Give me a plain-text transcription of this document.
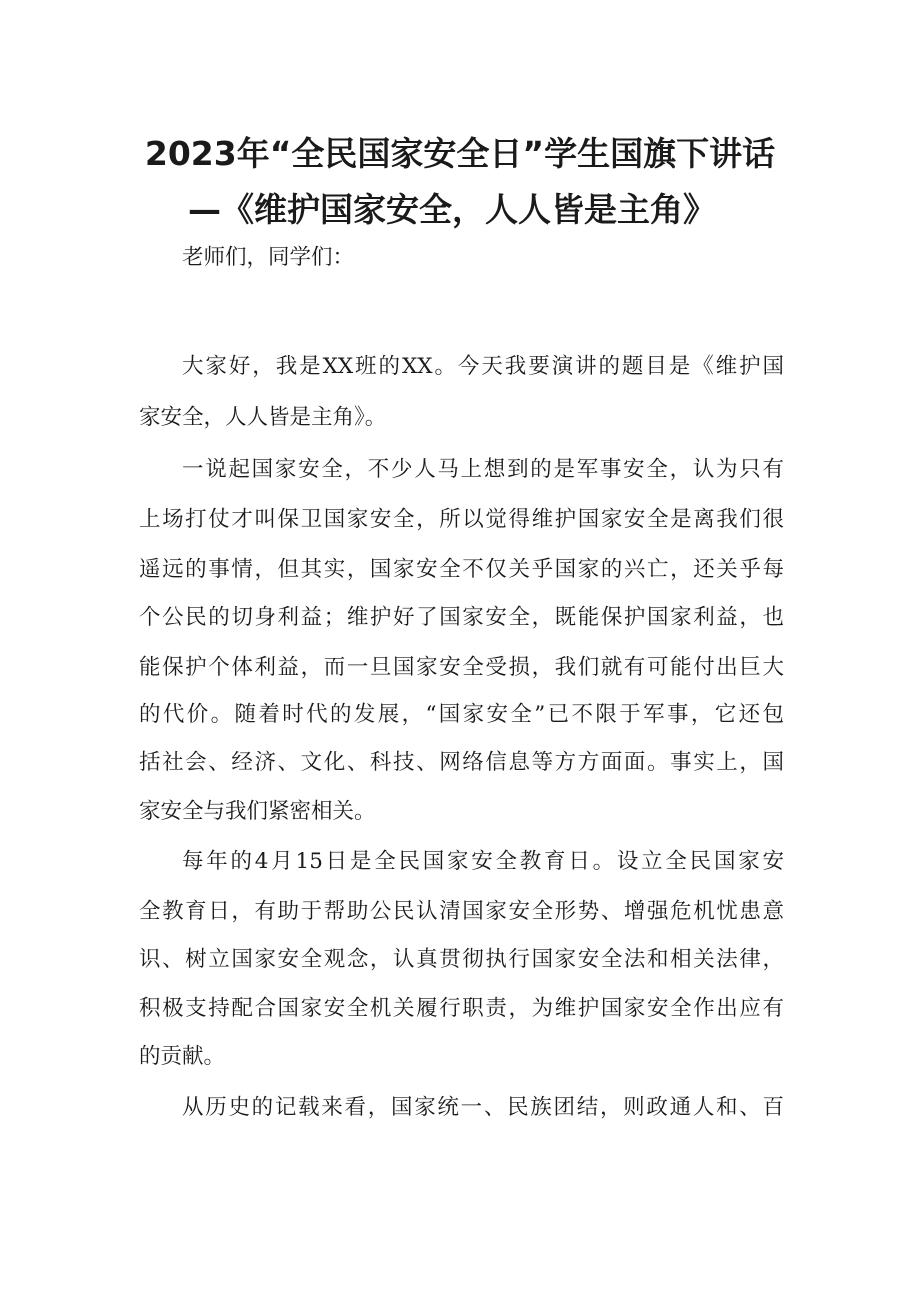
2023年“全民国家安全日”学生国旗下讲话
—《维护国家安全，人人皆是主角》

老师们，同学们：

大家好，我是XX班的XX。今天我要演讲的题目是《维护国

家安全，人人皆是主角》。

一说起国家安全，不少人马上想到的是军事安全，认为只有

上场打仗才叫保卫国家安全，所以觉得维护国家安全是离我们很

遥远的事情，但其实，国家安全不仅关乎国家的兴亡，还关乎每

个公民的切身利益；维护好了国家安全，既能保护国家利益，也

能保护个体利益，而一旦国家安全受损，我们就有可能付出巨大

的代价。随着时代的发展，“国家安全”已不限于军事，它还包

括社会、经济、文化、科技、网络信息等方方面面。事实上，国

家安全与我们紧密相关。

每年的4月15日是全民国家安全教育日。设立全民国家安

全教育日，有助于帮助公民认清国家安全形势、增强危机忧患意

识、树立国家安全观念，认真贯彻执行国家安全法和相关法律，

积极支持配合国家安全机关履行职责，为维护国家安全作出应有

的贡献。

从历史的记载来看，国家统一、民族团结，则政通人和、百
